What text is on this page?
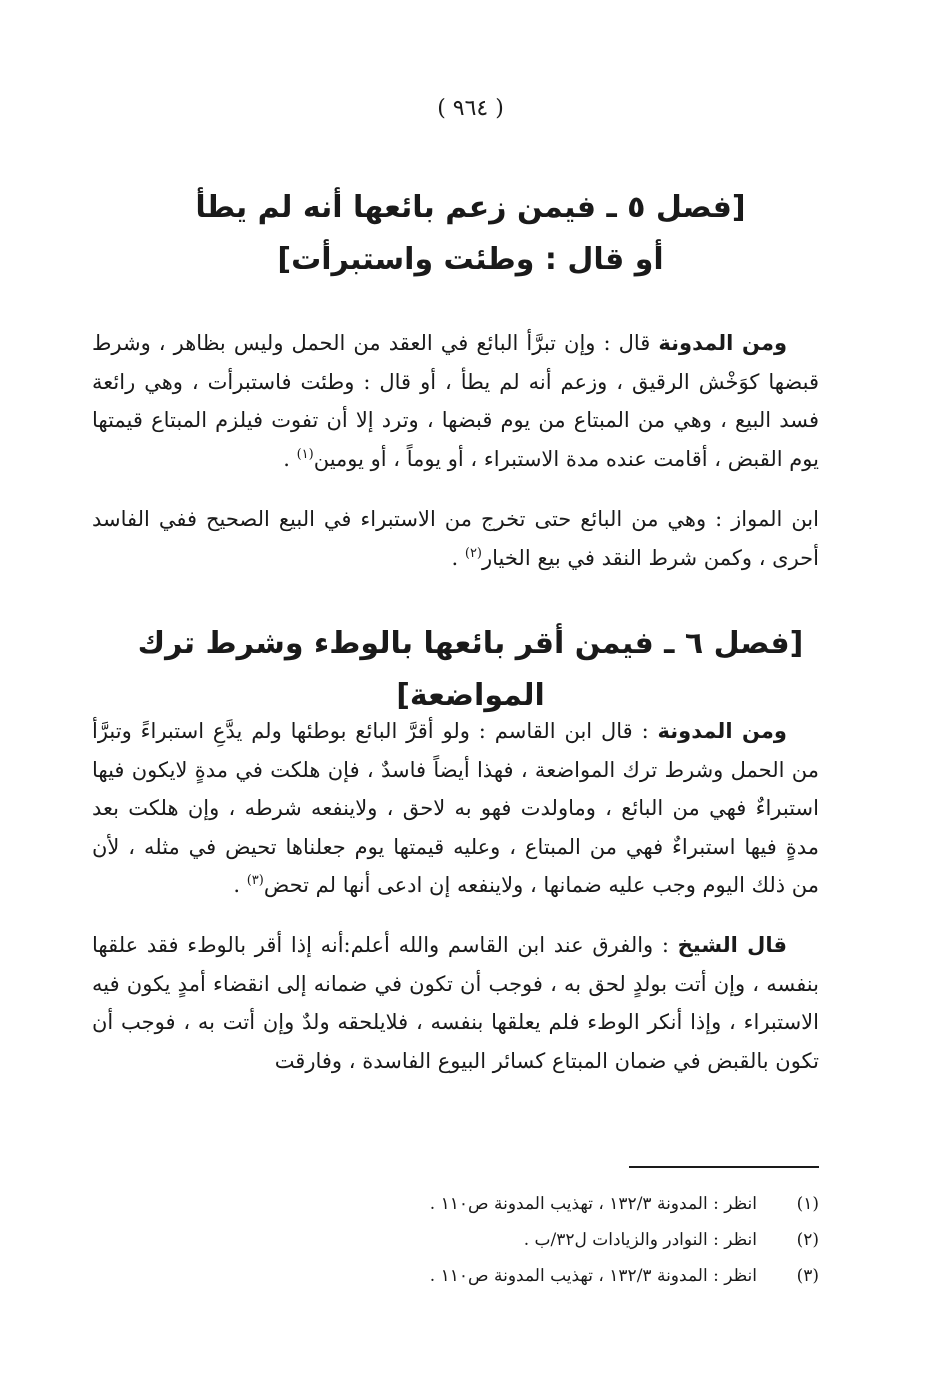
( ٩٦٤ )
[فصل ٥ ـ فيمن زعم بائعها أنه لم يطأ
أو قال : وطئت واستبرأت]
ومن المدونة قال : وإن تبرَّأ البائع في العقد من الحمل وليس بظاهر ، وشرط قبضها كوَخْش الرقيق ، وزعم أنه لم يطأ ، أو قال : وطئت فاستبرأت ، وهي رائعة فسد البيع ، وهي من المبتاع من يوم قبضها ، وترد إلا أن تفوت فيلزم المبتاع قيمتها يوم القبض ، أقامت عنده مدة الاستبراء ، أو يوماً ، أو يومين$^{(١)}$ .
ابن المواز : وهي من البائع حتى تخرج من الاستبراء في البيع الصحيح ففي الفاسد أحرى ، وكمن شرط النقد في بيع الخيار$^{(٢)}$ .
[فصل ٦ ـ فيمن أقر بائعها بالوطء وشرط ترك المواضعة]
ومن المدونة : قال ابن القاسم : ولو أقرَّ البائع بوطئها ولم يدَّعِ استبراءً وتبرَّأ من الحمل وشرط ترك المواضعة ، فهذا أيضاً فاسدٌ ، فإن هلكت في مدةٍ لايكون فيها استبراءٌ فهي من البائع ، وماولدت فهو به لاحق ، ولاينفعه شرطه ، وإن هلكت بعد مدةٍ فيها استبراءٌ فهي من المبتاع ، وعليه قيمتها يوم جعلناها تحيض في مثله ، لأن من ذلك اليوم وجب عليه ضمانها ، ولاينفعه إن ادعى أنها لم تحض$^{(٣)}$ .
قال الشيخ : والفرق عند ابن القاسم والله أعلم:أنه إذا أقر بالوطء فقد علقها بنفسه ، وإن أتت بولدٍ لحق به ، فوجب أن تكون في ضمانه إلى انقضاء أمدٍ يكون فيه الاستبراء ، وإذا أنكر الوطء فلم يعلقها بنفسه ، فلايلحقه ولدٌ وإن أتت به ، فوجب أن تكون بالقبض في ضمان المبتاع كسائر البيوع الفاسدة ، وفارقت
(١)
انظر : المدونة ١٣٢/٣ ، تهذيب المدونة ص١١٠ .
(٢)
انظر : النوادر والزيادات ل٣٢/ب .
(٣)
انظر : المدونة ١٣٢/٣ ، تهذيب المدونة ص١١٠ .
